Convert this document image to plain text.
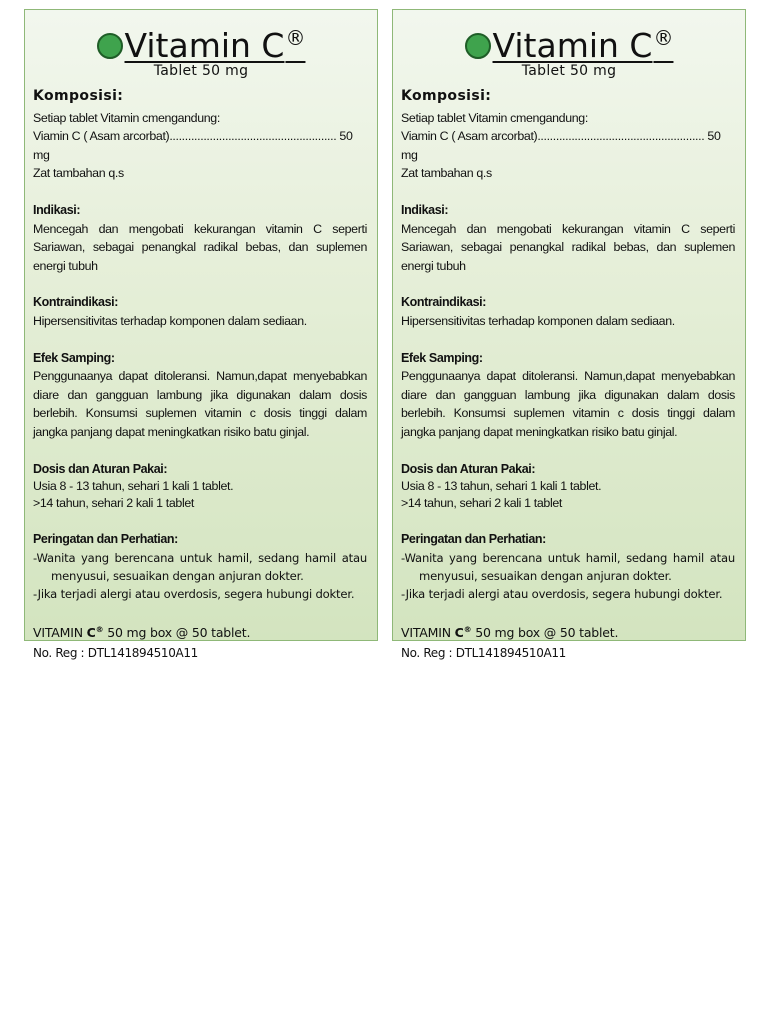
Vitamin C®
Tablet 50 mg
Komposisi:

Setiap tablet Vitamin cmengandung:

Viamin C ( Asam arcorbat)...................................................... 50 mg

Zat tambahan q.s

Indikasi:

Mencegah dan mengobati kekurangan vitamin C seperti Sariawan, sebagai penangkal radikal bebas, dan suplemen energi tubuh

Kontraindikasi:

Hipersensitivitas terhadap komponen dalam sediaan.

Efek Samping:

Penggunaanya dapat ditoleransi. Namun,dapat menyebabkan diare dan gangguan lambung jika digunakan dalam dosis berlebih. Konsumsi suplemen vitamin c dosis tinggi dalam jangka panjang dapat meningkatkan risiko batu ginjal.

Dosis dan Aturan Pakai:

Usia 8 - 13 tahun, sehari 1 kali 1 tablet.

>14 tahun, sehari 2 kali 1 tablet

Peringatan dan Perhatian:

-Wanita yang berencana untuk hamil, sedang hamil atau menyusui, sesuaikan dengan anjuran dokter.

-Jika terjadi alergi atau overdosis, segera hubungi dokter.

VITAMIN C® 50 mg box @ 50 tablet.
No. Reg : DTL141894510A11
Vitamin C®
Tablet 50 mg
Komposisi:

Setiap tablet Vitamin cmengandung:

Viamin C ( Asam arcorbat)...................................................... 50 mg

Zat tambahan q.s

Indikasi:

Mencegah dan mengobati kekurangan vitamin C seperti Sariawan, sebagai penangkal radikal bebas, dan suplemen energi tubuh

Kontraindikasi:

Hipersensitivitas terhadap komponen dalam sediaan.

Efek Samping:

Penggunaanya dapat ditoleransi. Namun,dapat menyebabkan diare dan gangguan lambung jika digunakan dalam dosis berlebih. Konsumsi suplemen vitamin c dosis tinggi dalam jangka panjang dapat meningkatkan risiko batu ginjal.

Dosis dan Aturan Pakai:

Usia 8 - 13 tahun, sehari 1 kali 1 tablet.

>14 tahun, sehari 2 kali 1 tablet

Peringatan dan Perhatian:

-Wanita yang berencana untuk hamil, sedang hamil atau menyusui, sesuaikan dengan anjuran dokter.

-Jika terjadi alergi atau overdosis, segera hubungi dokter.

VITAMIN C® 50 mg box @ 50 tablet.
No. Reg : DTL141894510A11
